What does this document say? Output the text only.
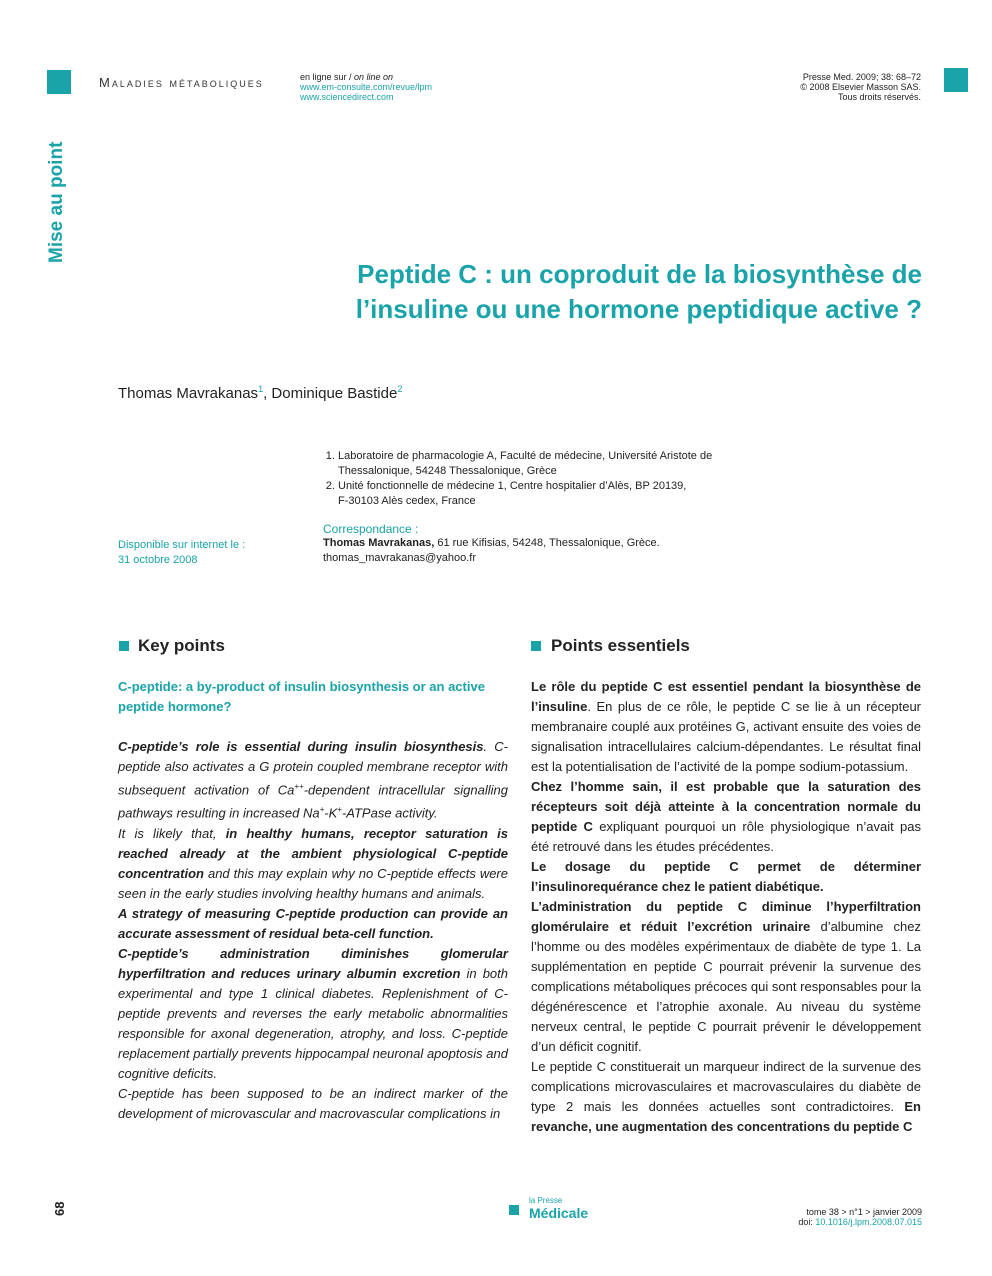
Maladies métaboliques	en ligne sur / on line on
www.em-consulte.com/revue/lpm
www.sciencedirect.com
Presse Med. 2009; 38: 68–72
© 2008 Elsevier Masson SAS.
Tous droits réservés.
Mise au point
Peptide C : un coproduit de la biosynthèse de
l’insuline ou une hormone peptidique active ?
Thomas Mavrakanas$^1$, Dominique Bastide$^2$
1. Laboratoire de pharmacologie A, Faculté de médecine, Université Aristote de
Thessalonique, 54248 Thessalonique, Grèce
2. Unité fonctionnelle de médecine 1, Centre hospitalier d’Alès, BP 20139,
F-30103 Alès cedex, France
Disponible sur internet le :
31 octobre 2008
Correspondance :
Thomas Mavrakanas, 61 rue Kifisias, 54248, Thessalonique, Grèce.
thomas_mavrakanas@yahoo.fr
Key points
C-peptide: a by-product of insulin biosynthesis or an active peptide hormone?

C-peptide’s role is essential during insulin biosynthesis. C-peptide also activates a G protein coupled membrane receptor with subsequent activation of Ca++-dependent intracellular signalling pathways resulting in increased Na+-K+-ATPase activity.

It is likely that, in healthy humans, receptor saturation is reached already at the ambient physiological C-peptide concentration and this may explain why no C-peptide effects were seen in the early studies involving healthy humans and animals.

A strategy of measuring C-peptide production can provide an accurate assessment of residual beta-cell function.

C-peptide’s administration diminishes glomerular hyperfiltration and reduces urinary albumin excretion in both experimental and type 1 clinical diabetes. Replenishment of C-peptide prevents and reverses the early metabolic abnormalities responsible for axonal degeneration, atrophy, and loss. C-peptide replacement partially prevents hippocampal neuronal apoptosis and cognitive deficits.

C-peptide has been supposed to be an indirect marker of the development of microvascular and macrovascular complications in

Points essentiels

Le rôle du peptide C est essentiel pendant la biosynthèse de l’insuline. En plus de ce rôle, le peptide C se lie à un récepteur membranaire couplé aux protéines G, activant ensuite des voies de signalisation intracellulaires calcium-dépendantes. Le résultat final est la potentialisation de l’activité de la pompe sodium-potassium.

Chez l’homme sain, il est probable que la saturation des récepteurs soit déjà atteinte à la concentration normale du peptide C expliquant pourquoi un rôle physiologique n’avait pas été retrouvé dans les études précédentes.

Le dosage du peptide C permet de déterminer l’insulinorequérance chez le patient diabétique.

L’administration du peptide C diminue l’hyperfiltration glomérulaire et réduit l’excrétion urinaire d’albumine chez l’homme ou des modèles expérimentaux de diabète de type 1. La supplémentation en peptide C pourrait prévenir la survenue des complications métaboliques précoces qui sont responsables pour la dégénérescence et l’atrophie axonale. Au niveau du système nerveux central, le peptide C pourrait prévenir le développement d’un déficit cognitif.

Le peptide C constituerait un marqueur indirect de la survenue des complications microvasculaires et macrovasculaires du diabète de type 2 mais les données actuelles sont contradictoires. En revanche, une augmentation des concentrations du peptide C

68
la Presse
Médicale	tome 38 > n°1 > janvier 2009
doi: 10.1016/j.lpm.2008.07.015
